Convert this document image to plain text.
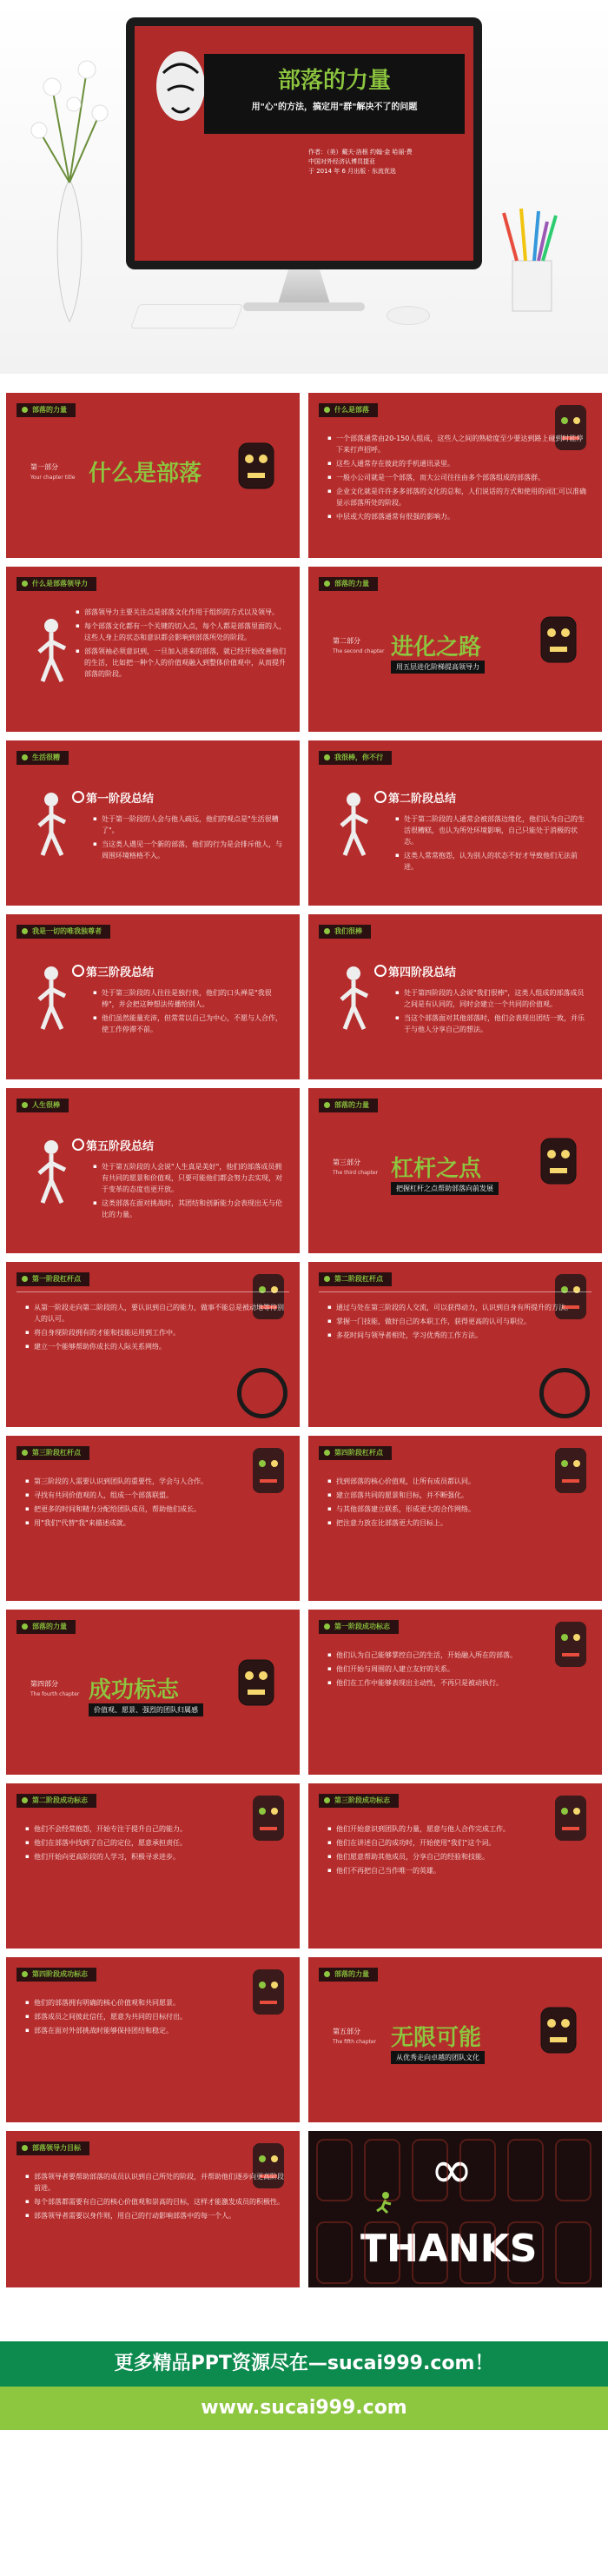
部落的力量
用"心"的方法，搞定用"群"解决不了的问题
作者：（美）戴夫·洛根 约翰·金 哈丽·费
中国对外经济认博员提亚
于 2014 年 6 月出版 · 东流优选
部落的力量
第一部分
Your chapter title 什么是部落
什么是部落
▪ 一个部落通常由20-150人组成，这些人之间的熟稔度至少要达到路上碰到时能停下来打声招呼。
▪ 这些人通常存在彼此的手机通讯录里。
▪ 一般小公司就是一个部落，而大公司往往由多个部落组成的部落群。
▪ 企业文化就是许许多多部落的文化的总和，人们说话的方式和使用的词汇可以准确显示部落所处的阶段。
▪ 中层或大的部落通常有很强的影响力。
什么是部落领导力
▪ 部落领导力主要关注点是部落文化作用于组织的方式以及领导。
▪ 每个部落文化都有一个关键的切入点，每个人都是部落里面的人，这些人身上的状态和意识都会影响到部落所处的阶段。
▪ 部落领袖必须意识到，一旦加入进来的部落，就已经开始改善他们的生活，比如把一种个人的价值观融入到整体价值观中，从而提升部落的阶段。
部落的力量
第二部分
The second chapter 进化之路
用五层进化阶梯提高领导力
生活很糟
第一阶段总结
▪ 处于第一阶段的人会与他人疏远，他们的观点是"生活很糟了"。
▪ 当这类人遇见一个新的部落，他们的行为是会排斥他人，与周围环境格格不入。
我很棒，你不行
第二阶段总结
▪ 处于第二阶段的人通常会被部落边缘化，他们认为自己的生活很糟糕，也认为所处环境影响，自己只能处于消极的状态。
▪ 这类人常常抱怨，认为别人的状态不好才导致他们无法前进。
我是一切的唯我独尊者
第三阶段总结
▪ 处于第三阶段的人往往是独行侠，他们的口头禅是"我很棒"，并会把这种想法传播给别人。
▪ 他们虽然能量充沛，但常常以自己为中心，不愿与人合作，使工作停滞不前。
我们很棒
第四阶段总结
▪ 处于第四阶段的人会说"我们很棒"，这类人组成的部落成员之间是有认同的，同时会建立一个共同的价值观。
▪ 当这个部落面对其他部落时，他们会表现出团结一致，并乐于与他人分享自己的想法。
人生很棒
第五阶段总结
▪ 处于第五阶段的人会说"人生真是美好"，他们的部落成员拥有共同的愿景和价值观，只要可能他们都会努力去实现，对于变革的态度也更开放。
▪ 这类部落在面对挑战时，其团结和创新能力会表现出无与伦比的力量。
部落的力量
第三部分
The third chapter 杠杆之点
把握杠杆之点帮助部落向前发展
第一阶段杠杆点
▪ 从第一阶段走向第二阶段的人，要认识到自己的能力，做事不能总是被动地等待别人的认可。
▪ 将自身现阶段拥有的才能和技能运用到工作中。
▪ 建立一个能够帮助你成长的人际关系网络。
第二阶段杠杆点
▪ 通过与处在第三阶段的人交流，可以获得动力，认识到自身有所提升的方法。
▪ 掌握一门技能，做好自己的本职工作，获得更高的认可与职位。
▪ 多花时间与领导者相处，学习优秀的工作方法。
第三阶段杠杆点
▪ 第三阶段的人需要认识到团队的重要性，学会与人合作。
▪ 寻找有共同价值观的人，组成一个部落联盟。
▪ 把更多的时间和精力分配给团队成员，帮助他们成长。
▪ 用"我们"代替"我"来描述成就。
第四阶段杠杆点
▪ 找到部落的核心价值观，让所有成员都认同。
▪ 建立部落共同的愿景和目标，并不断强化。
▪ 与其他部落建立联系，形成更大的合作网络。
▪ 把注意力放在比部落更大的目标上。
部落的力量
第四部分
The fourth chapter 成功标志
价值观、愿景、强烈的团队归属感
第一阶段成功标志
▪ 他们认为自己能够掌控自己的生活，开始融入所在的部落。
▪ 他们开始与周围的人建立友好的关系。
▪ 他们在工作中能够表现出主动性，不再只是被动执行。
第二阶段成功标志
▪ 他们不会经常抱怨，开始专注于提升自己的能力。
▪ 他们在部落中找到了自己的定位，愿意承担责任。
▪ 他们开始向更高阶段的人学习，积极寻求进步。
第三阶段成功标志
▪ 他们开始意识到团队的力量，愿意与他人合作完成工作。
▪ 他们在讲述自己的成功时，开始使用"我们"这个词。
▪ 他们愿意帮助其他成员，分享自己的经验和技能。
▪ 他们不再把自己当作唯一的英雄。
第四阶段成功标志
▪ 他们的部落拥有明确的核心价值观和共同愿景。
▪ 部落成员之间彼此信任，愿意为共同的目标付出。
▪ 部落在面对外部挑战时能够保持团结和稳定。
部落的力量
第五部分
The fifth chapter 无限可能
从优秀走向卓越的团队文化
部落领导力目标
▪ 部落领导者要帮助部落的成员认识到自己所处的阶段，并帮助他们逐步向更高阶段前进。
▪ 每个部落都需要有自己的核心价值观和崇高的目标，这样才能激发成员的积极性。
▪ 部落领导者需要以身作则，用自己的行动影响部落中的每一个人。
∞
THANKS
更多精品PPT资源尽在—sucai999.com！
www.sucai999.com
